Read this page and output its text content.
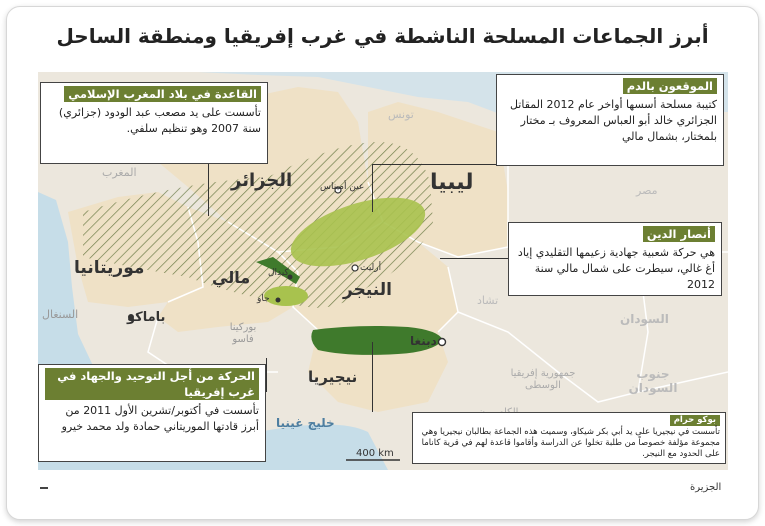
أبرز الجماعات المسلحة الناشطة في غرب إفريقيا ومنطقة الساحل
تونس
المغرب
مصر
تشاد
السودان
جنوب السودان
السنغال
بوركينا فاسو
جمهورية إفريقيا الوسطى
الجزائر	ليبيا
موريتانيا	مالي
النيجر
نيجيريا
عين أميناس
كيدال
جاو
أرليت
باماكو
دبنغا
خليج غينيا
400 km
القاعدة في بلاد المغرب الإسلامي
تأسست على يد مصعب عبد الودود (جزائري) سنة 2007 وهو تنظيم سلفي.
الموقعون بالدم
كتيبة مسلحة أسسها أواخر عام 2012 المقاتل الجزائري خالد أبو العباس المعروف بـ مختار بلمختار، بشمال مالي
أنصار الدين
هي حركة شعبية جهادية زعيمها التقليدي إياد أغ غالي، سيطرت على شمال مالي سنة 2012
الحركة من أجل التوحيد والجهاد في غرب إفريقيا
تأسست في أكتوبر/تشرين الأول 2011 من أبرز قادتها الموريتاني حمادة ولد محمد خيرو	بوكو حرام
تأسست في نيجيريا على يد أبي بكر شيكاو، وسميت هذه الجماعة بطالبان نيجيريا وهي مجموعة مؤلفة خصوصاً من طلبة تخلوا عن الدراسة وأقاموا قاعدة لهم في قرية كاناما على الحدود مع النيجر.
الجزيرة
